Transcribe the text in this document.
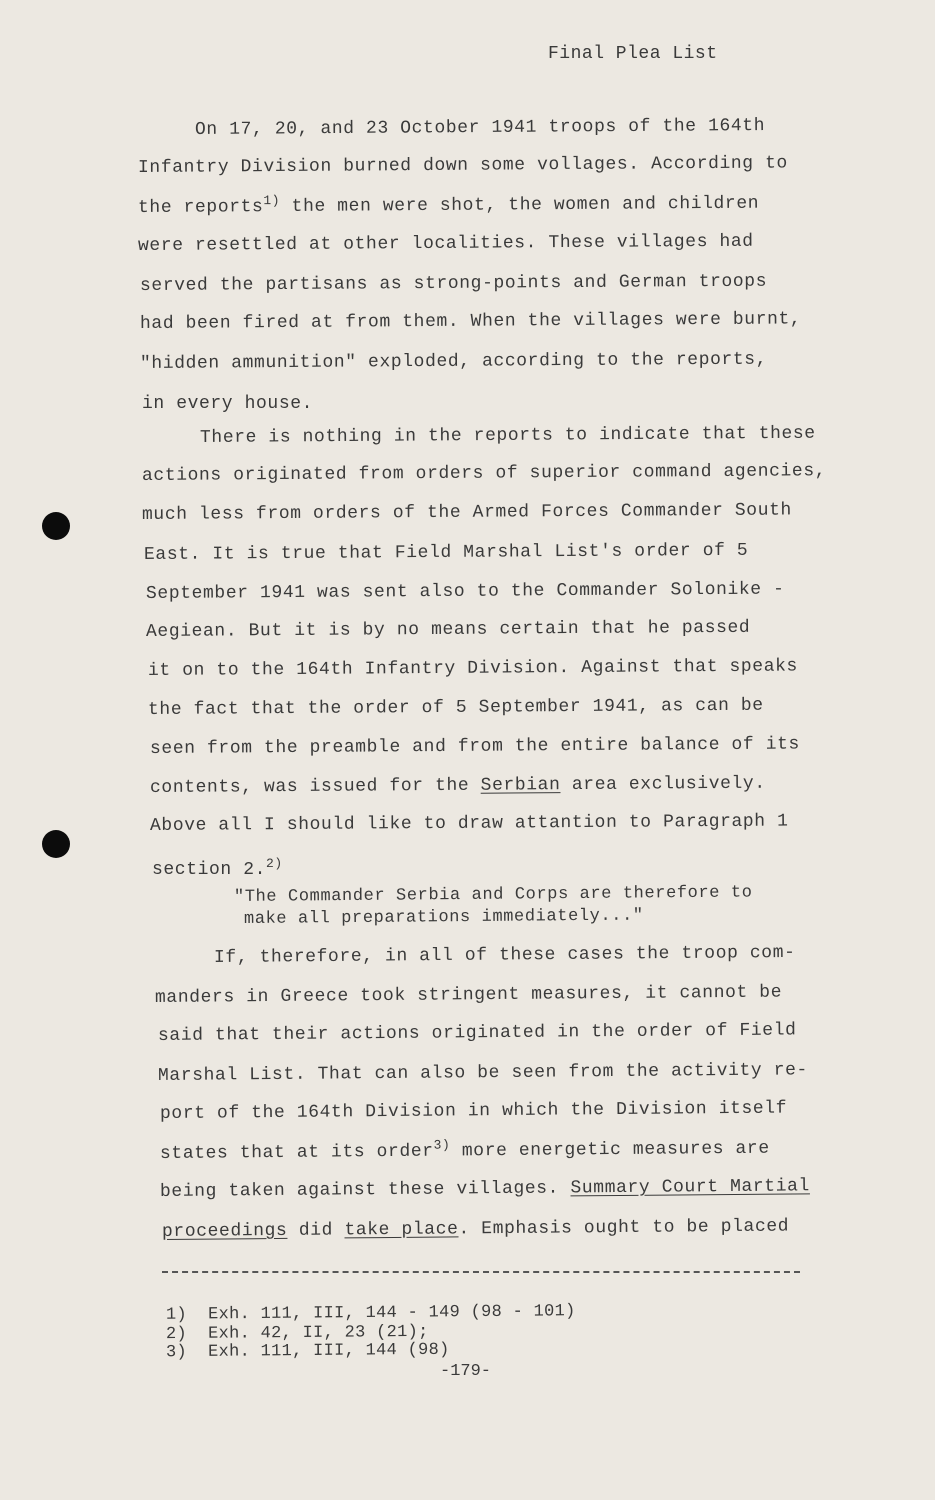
Final Plea List
On 17, 20, and 23 October 1941 troops of the 164th
Infantry Division burned down some vollages. According to
the reports$^{1)}$ the men were shot, the women and children
were resettled at other localities. These villages had
served the partisans as strong-points and German troops
had been fired at from them. When the villages were burnt,
"hidden ammunition" exploded, according to the reports,
in every house.
There is nothing in the reports to indicate that these
actions originated from orders of superior command agencies,
much less from orders of the Armed Forces Commander South
East. It is true that Field Marshal List's order of 5
September 1941 was sent also to the Commander Solonike -
Aegiean. But it is by no means certain that he passed
it on to the 164th Infantry Division. Against that speaks
the fact that the order of 5 September 1941, as can be
seen from the preamble and from the entire balance of its
contents, was issued for the Serbian area exclusively.
Above all I should like to draw attantion to Paragraph 1
section 2.$^{2)}$
"The Commander Serbia and Corps are therefore to
make all preparations immediately..."
If, therefore, in all of these cases the troop com-
manders in Greece took stringent measures, it cannot be
said that their actions originated in the order of Field
Marshal List. That can also be seen from the activity re-
port of the 164th Division in which the Division itself
states that at its order$^{3)}$ more energetic measures are
being taken against these villages. Summary Court Martial
proceedings did take place. Emphasis ought to be placed
1) Exh. 111, III, 144 - 149 (98 - 101)
2) Exh. 42, II, 23 (21);
3) Exh. 111, III, 144 (98)
-179-
